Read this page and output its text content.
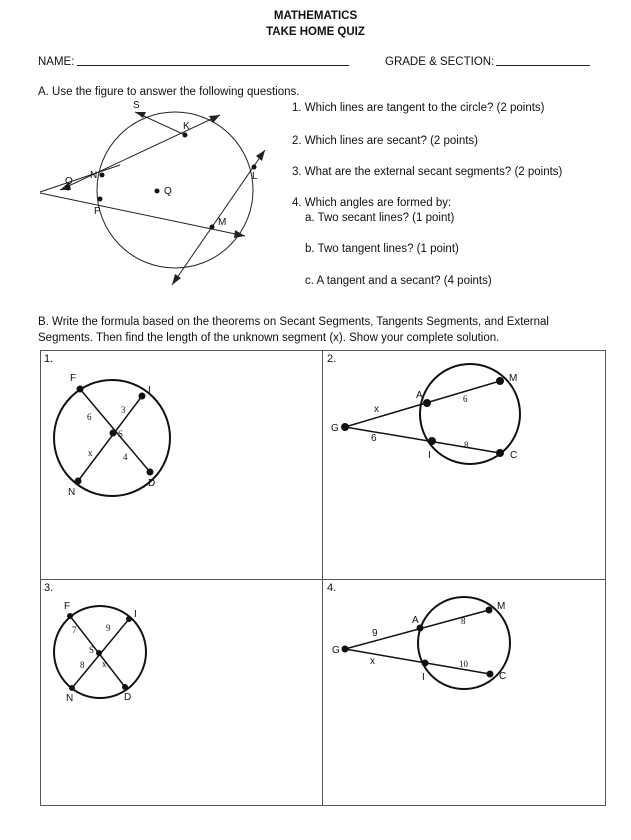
MATHEMATICS
TAKE HOME QUIZ
NAME:	GRADE & SECTION:
A. Use the figure to answer the following questions.
S
K
N
O
Q
L
P
M
1. Which lines are tangent to the circle? (2 points)
2. Which lines are secant? (2 points)
3. What are the external secant segments? (2 points)
4. Which angles are formed by:
a. Two secant lines? (1 point)
b. Two tangent lines? (1 point)
c. A tangent and a secant? (4 points)
B. Write the formula based on the theorems on Secant Segments, Tangents Segments, and External
Segments. Then find the length of the unknown segment (x). Show your complete solution.
1.	2.
3.	4.
F
I
S
N
D
6
3
x	4
G
A
M
I	C
x
6
6
8
F
I
S
N	D
7	9
8 x
G
A
M
I	C
9
8
x	10
